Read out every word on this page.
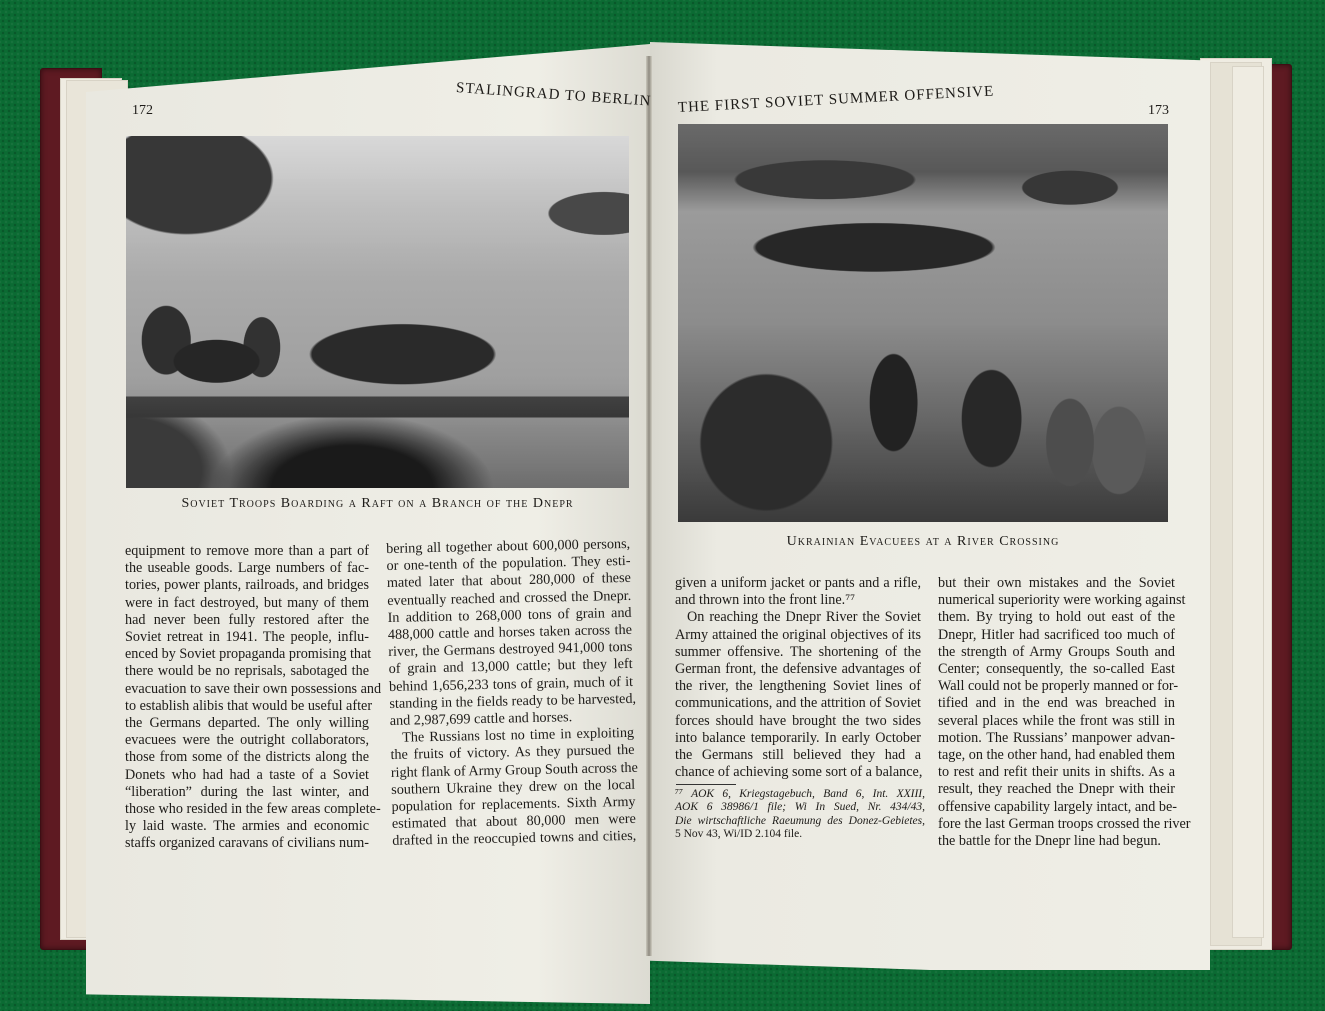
172
STALINGRAD TO BERLIN
Soviet Troops Boarding a Raft on a Branch of the Dnepr
equipment to remove more than a part of
the useable goods. Large numbers of fac-
tories, power plants, railroads, and bridges
were in fact destroyed, but many of them
had never been fully restored after the
Soviet retreat in 1941. The people, influ-
enced by Soviet propaganda promising that
there would be no reprisals, sabotaged the
evacuation to save their own possessions and
to establish alibis that would be useful after
the Germans departed. The only willing
evacuees were the outright collaborators,
those from some of the districts along the
Donets who had had a taste of a Soviet
“liberation” during the last winter, and
those who resided in the few areas complete-
ly laid waste. The armies and economic
staffs organized caravans of civilians num-
bering all together about 600,000 persons,
or one-tenth of the population. They esti-
mated later that about 280,000 of these
eventually reached and crossed the Dnepr.
In addition to 268,000 tons of grain and
488,000 cattle and horses taken across the
river, the Germans destroyed 941,000 tons
of grain and 13,000 cattle; but they left
behind 1,656,233 tons of grain, much of it
standing in the fields ready to be harvested,
and 2,987,699 cattle and horses.
The Russians lost no time in exploiting
the fruits of victory. As they pursued the
right flank of Army Group South across the
southern Ukraine they drew on the local
population for replacements. Sixth Army
estimated that about 80,000 men were
drafted in the reoccupied towns and cities,
THE FIRST SOVIET SUMMER OFFENSIVE	173
Ukrainian Evacuees at a River Crossing
given a uniform jacket or pants and a rifle,
and thrown into the front line.⁷⁷
On reaching the Dnepr River the Soviet
Army attained the original objectives of its
summer offensive. The shortening of the
German front, the defensive advantages of
the river, the lengthening Soviet lines of
communications, and the attrition of Soviet
forces should have brought the two sides
into balance temporarily. In early October
the Germans still believed they had a
chance of achieving some sort of a balance,
⁷⁷ AOK 6, Kriegstagebuch, Band 6, Int. XXIII,
AOK 6 38986/1 file; Wi In Sued, Nr. 434/43,
Die wirtschaftliche Raeumung des Donez-Gebietes,
5 Nov 43, Wi/ID 2.104 file.
but their own mistakes and the Soviet
numerical superiority were working against
them. By trying to hold out east of the
Dnepr, Hitler had sacrificed too much of
the strength of Army Groups South and
Center; consequently, the so-called East
Wall could not be properly manned or for-
tified and in the end was breached in
several places while the front was still in
motion. The Russians’ manpower advan-
tage, on the other hand, had enabled them
to rest and refit their units in shifts. As a
result, they reached the Dnepr with their
offensive capability largely intact, and be-
fore the last German troops crossed the river
the battle for the Dnepr line had begun.
